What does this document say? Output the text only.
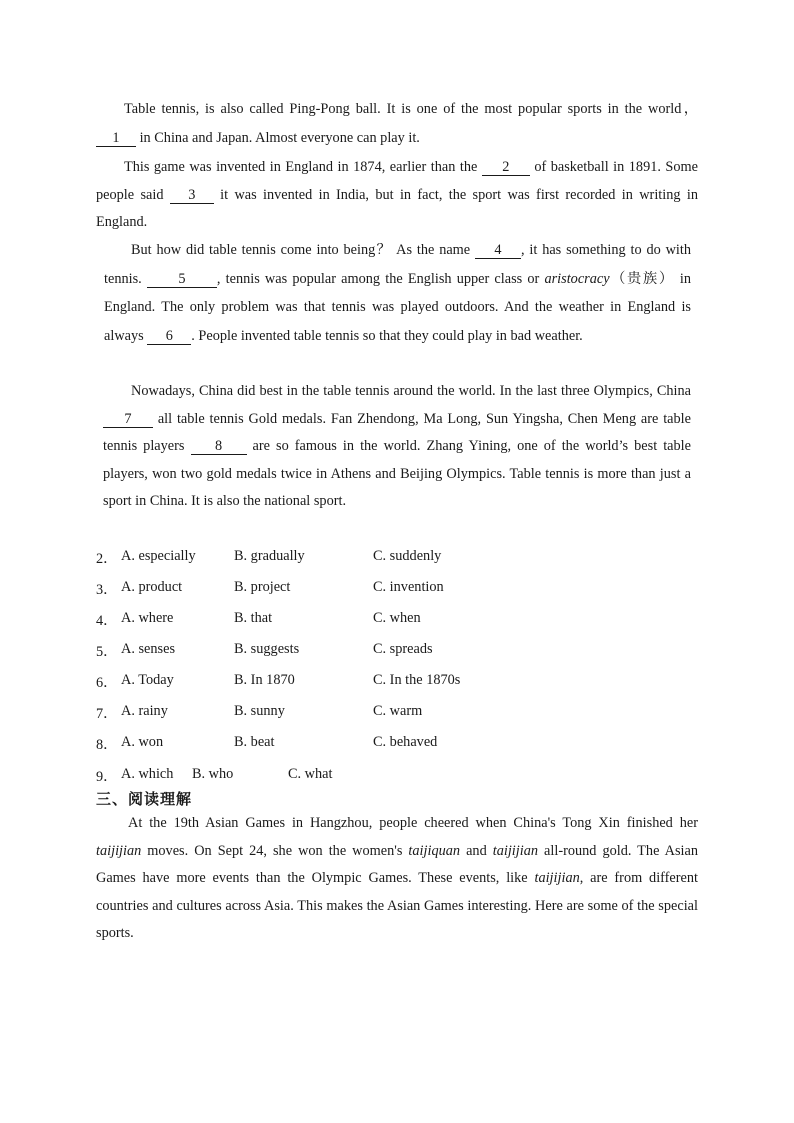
Table tennis, is also called Ping-Pong ball. It is one of the most popular sports in the world， 1 in China and Japan. Almost everyone can play it.

This game was invented in England in 1874, earlier than the 2 of basketball in 1891. Some people said 3 it was invented in India, but in fact, the sport was first recorded in writing in England.

But how did table tennis come into being？ As the name 4 , it has something to do with tennis. 5 , tennis was popular among the English upper class or aristocracy（贵族） in England. The only problem was that tennis was played outdoors. And the weather in England is always 6 . People invented table tennis so that they could play in bad weather.

Nowadays, China did best in the table tennis around the world. In the last three Olympics, China 7 all table tennis Gold medals. Fan Zhendong, Ma Long, Sun Yingsha, Chen Meng are table tennis players 8 are so famous in the world. Zhang Yining, one of the world’s best table players, won two gold medals twice in Athens and Beijing Olympics. Table tennis is more than just a sport in China. It is also the national sport.

2． A. especially	B. gradually	C. suddenly
3． A. product	B. project	C. invention
4． A. where	B. that	C. when
5． A. senses	B. suggests	C. spreads
6． A. Today	B. In 1870	C. In the 1870s
7． A. rainy	B. sunny	C. warm
8． A. won	B. beat	C. behaved
9． A. which B. who	C. what
三、阅读理解

At the 19th Asian Games in Hangzhou, people cheered when China's Tong Xin finished her taijijian moves. On Sept 24, she won the women's taijiquan and taijijian all-round gold. The Asian Games have more events than the Olympic Games. These events, like taijijian, are from different countries and cultures across Asia. This makes the Asian Games interesting. Here are some of the special sports.
